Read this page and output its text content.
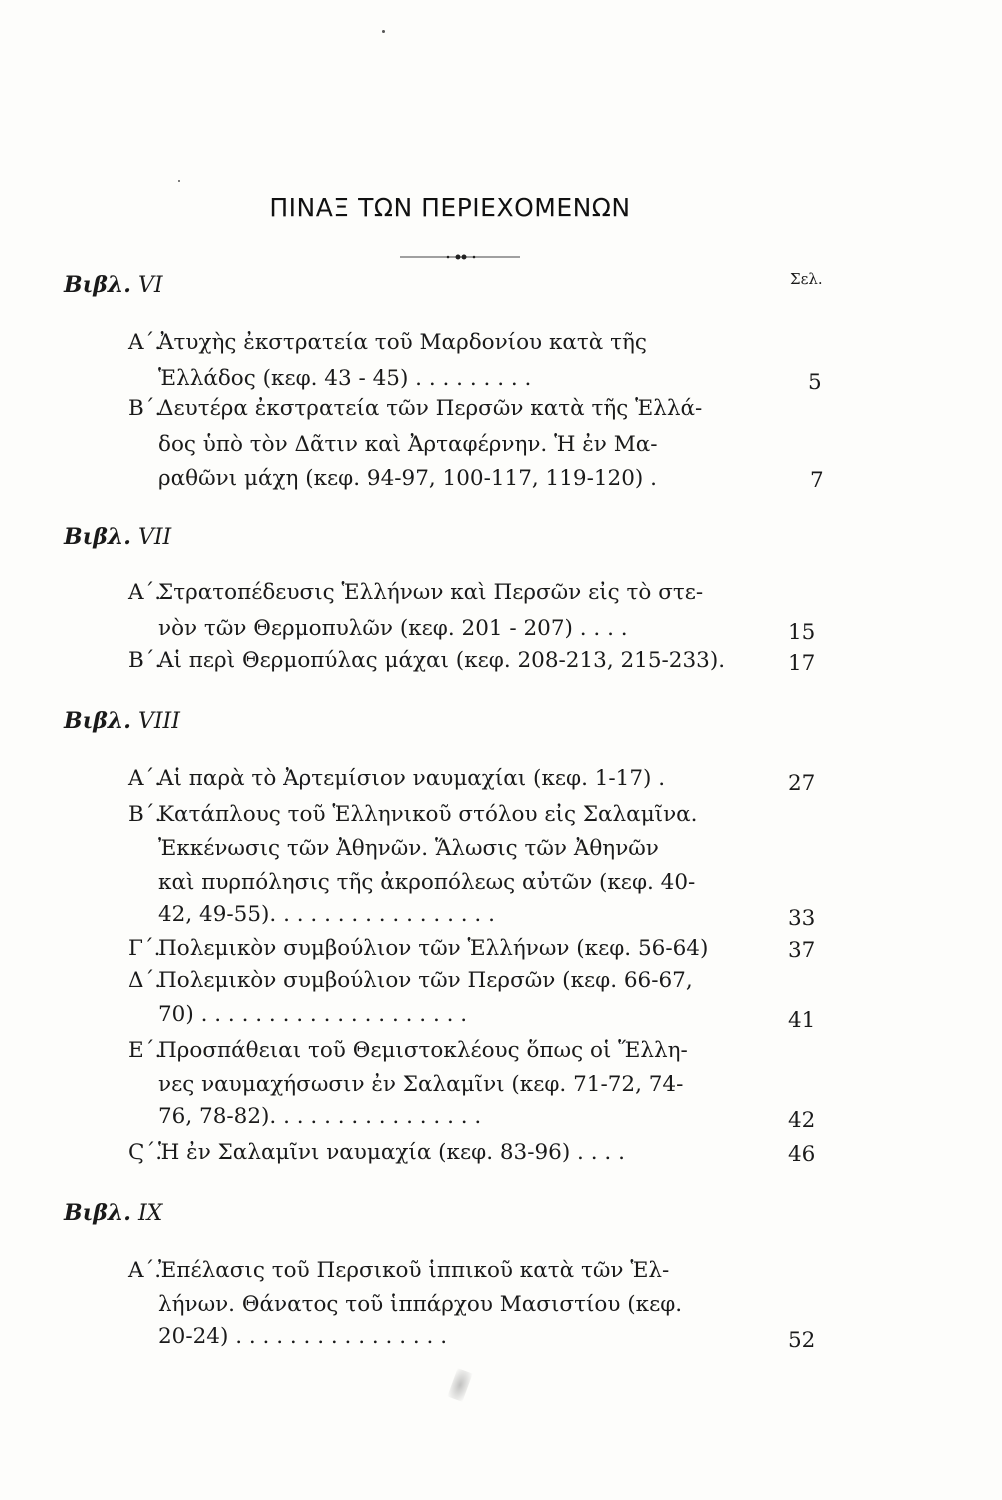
ΠΙΝΑΞ ΤΩΝ ΠΕΡΙΕΧΟΜΕΝΩΝ
Σελ.
Βιβλ. VI
Α΄.
Ἀτυχὴς ἐκστρατεία τοῦ Μαρδονίου κατὰ τῆς
Ἑλλάδος (κεφ. 43 - 45) . . . . . . . . .	5
Β΄.
Δευτέρα ἐκστρατεία τῶν Περσῶν κατὰ τῆς Ἑλλά-
δος ὑπὸ τὸν Δᾶτιν καὶ Ἀρταφέρνην. Ἡ ἐν Μα-
ραθῶνι μάχη (κεφ. 94-97, 100-117, 119-120) .	7
Βιβλ. VII
Α΄.
Στρατοπέδευσις Ἑλλήνων καὶ Περσῶν εἰς τὸ στε-
νὸν τῶν Θερμοπυλῶν (κεφ. 201 - 207) . . . .	15
Β΄.
Αἱ περὶ Θερμοπύλας μάχαι (κεφ. 208-213, 215-233).	17
Βιβλ. VIII
Α΄.
Αἱ παρὰ τὸ Ἀρτεμίσιον ναυμαχίαι (κεφ. 1-17) .	27
Β΄.
Κατάπλους τοῦ Ἑλληνικοῦ στόλου εἰς Σαλαμῖνα.
Ἐκκένωσις τῶν Ἀθηνῶν. Ἅλωσις τῶν Ἀθηνῶν
καὶ πυρπόλησις τῆς ἀκροπόλεως αὐτῶν (κεφ. 40-
42, 49-55). . . . . . . . . . . . . . . . .	33
Γ΄.
Πολεμικὸν συμβούλιον τῶν Ἑλλήνων (κεφ. 56-64)	37
Δ΄.
Πολεμικὸν συμβούλιον τῶν Περσῶν (κεφ. 66-67,
70) . . . . . . . . . . . . . . . . . . . .	41
Ε΄.
Προσπάθειαι τοῦ Θεμιστοκλέους ὅπως οἱ Ἕλλη-
νες ναυμαχήσωσιν ἐν Σαλαμῖνι (κεφ. 71-72, 74-
76, 78-82). . . . . . . . . . . . . . . .	42
Ϛ΄.
Ἡ ἐν Σαλαμῖνι ναυμαχία (κεφ. 83-96) . . . .	46
Βιβλ. IX
Α΄.
Ἐπέλασις τοῦ Περσικοῦ ἱππικοῦ κατὰ τῶν Ἑλ-
λήνων. Θάνατος τοῦ ἱππάρχου Μασιστίου (κεφ.
20-24) . . . . . . . . . . . . . . . .	52
